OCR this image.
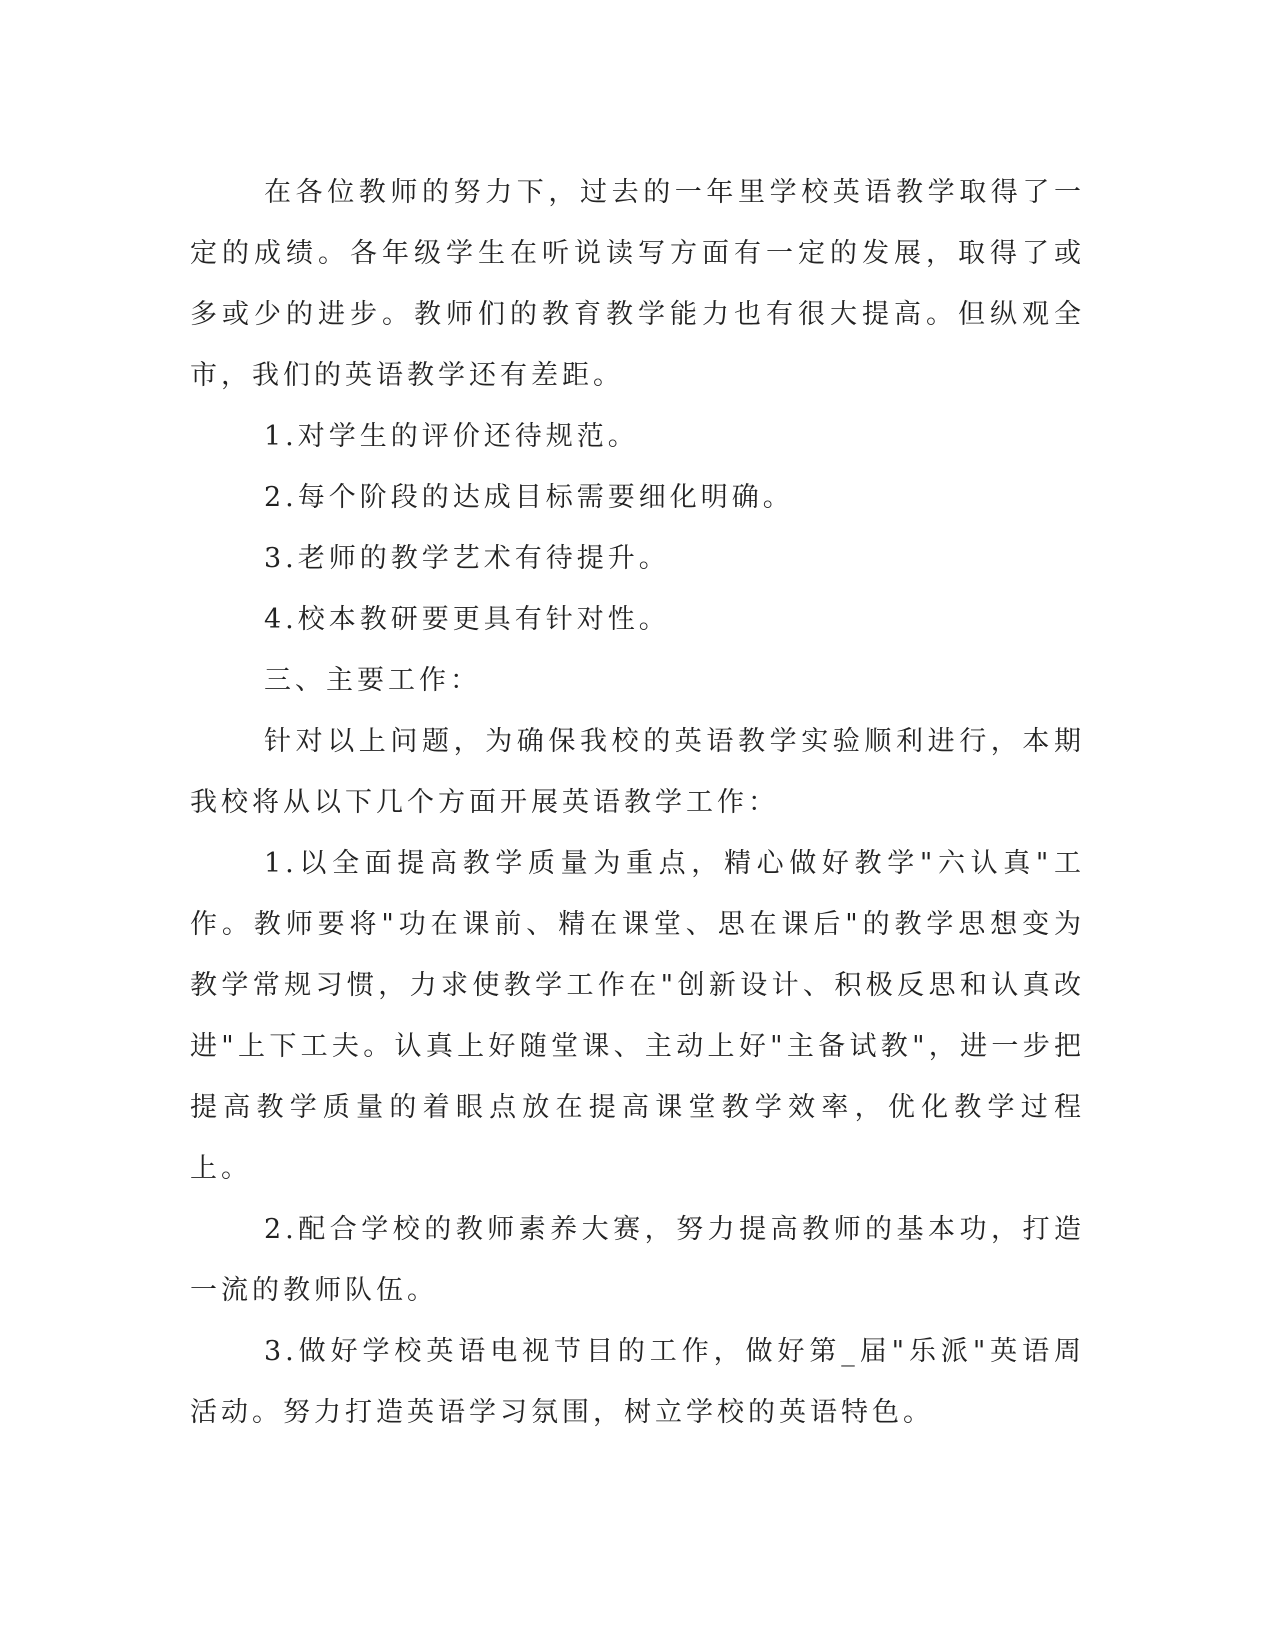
在各位教师的努力下，过去的一年里学校英语教学取得了一定的成绩。各年级学生在听说读写方面有一定的发展，取得了或多或少的进步。教师们的教育教学能力也有很大提高。但纵观全市，我们的英语教学还有差距。

1.对学生的评价还待规范。

2.每个阶段的达成目标需要细化明确。

3.老师的教学艺术有待提升。

4.校本教研要更具有针对性。

三、主要工作：

针对以上问题，为确保我校的英语教学实验顺利进行，本期我校将从以下几个方面开展英语教学工作：

1.以全面提高教学质量为重点，精心做好教学"六认真"工作。教师要将"功在课前、精在课堂、思在课后"的教学思想变为教学常规习惯，力求使教学工作在"创新设计、积极反思和认真改进"上下工夫。认真上好随堂课、主动上好"主备试教"，进一步把提高教学质量的着眼点放在提高课堂教学效率，优化教学过程上。

2.配合学校的教师素养大赛，努力提高教师的基本功，打造一流的教师队伍。

3.做好学校英语电视节目的工作，做好第_届"乐派"英语周活动。努力打造英语学习氛围，树立学校的英语特色。
